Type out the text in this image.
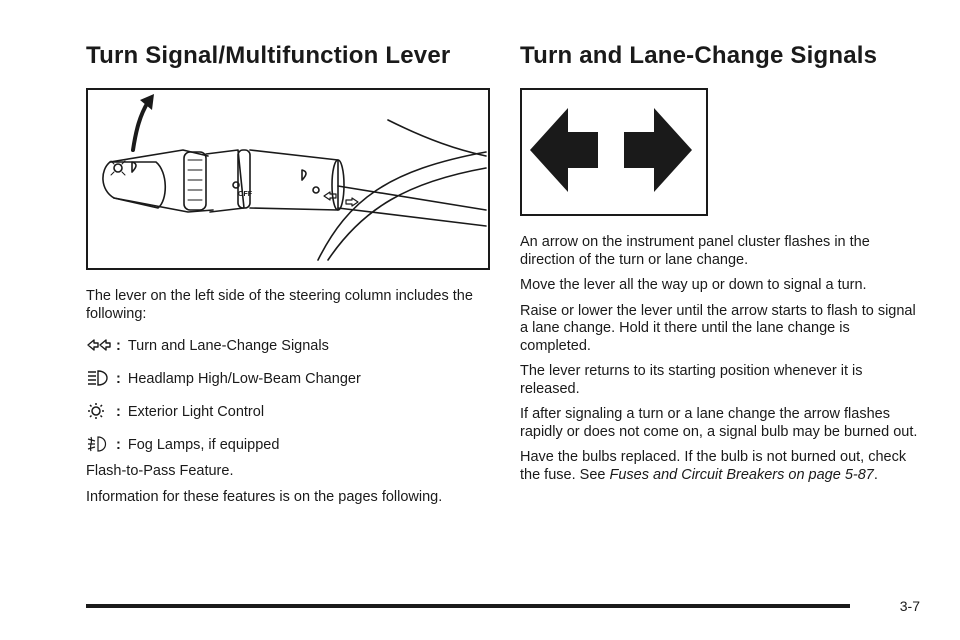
Turn Signal/Multifunction Lever
OFF

The lever on the left side of the steering column includes the following:

: Turn and Lane-Change Signals
: Headlamp High/Low-Beam Changer
: Exterior Light Control
: Fog Lamps, if equipped

Flash-to-Pass Feature.

Information for these features is on the pages following.

Turn and Lane-Change Signals

An arrow on the instrument panel cluster flashes in the direction of the turn or lane change.

Move the lever all the way up or down to signal a turn.

Raise or lower the lever until the arrow starts to flash to signal a lane change. Hold it there until the lane change is completed.

The lever returns to its starting position whenever it is released.

If after signaling a turn or a lane change the arrow flashes rapidly or does not come on, a signal bulb may be burned out.

Have the bulbs replaced. If the bulb is not burned out, check the fuse. See Fuses and Circuit Breakers on page 5-87.

3-7
